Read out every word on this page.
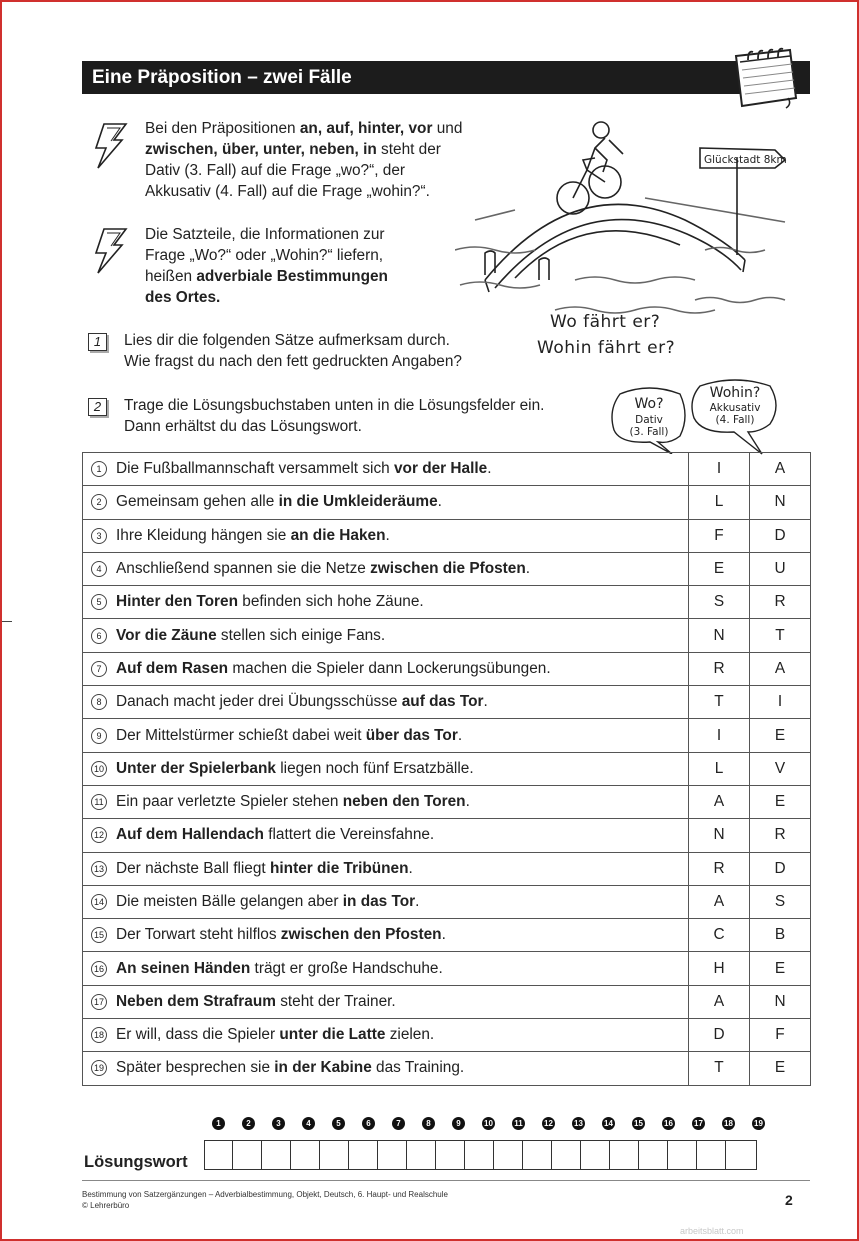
Eine Präposition – zwei Fälle
Bei den Präpositionen an, auf, hinter, vor und
zwischen, über, unter, neben, in steht der
Dativ (3. Fall) auf die Frage „wo?“, der
Akkusativ (4. Fall) auf die Frage „wohin?“.
Die Satzteile, die Informationen zur
Frage „Wo?“ oder „Wohin?“ liefern,
heißen adverbiale Bestimmungen
des Ortes.
Glückstadt 8km
Wo fährt er?
Wohin fährt er?
1	Lies dir die folgenden Sätze aufmerksam durch.
Wie fragst du nach den fett gedruckten Angaben?
2	Trage die Lösungsbuchstaben unten in die Lösungsfelder ein.
Dann erhältst du das Lösungswort.
Wo?
Dativ
(3. Fall)
Wohin?
Akkusativ
(4. Fall)
1 Die Fußballmannschaft versammelt sich vor der Halle.	I	A
2 Gemeinsam gehen alle in die Umkleideräume.	L	N
3 Ihre Kleidung hängen sie an die Haken.	F	D
4 Anschließend spannen sie die Netze zwischen die Pfosten.	E	U
5 Hinter den Toren befinden sich hohe Zäune.	S	R
6 Vor die Zäune stellen sich einige Fans.	N	T
7 Auf dem Rasen machen die Spieler dann Lockerungsübungen.	R	A
8 Danach macht jeder drei Übungsschüsse auf das Tor.	T	I
9 Der Mittelstürmer schießt dabei weit über das Tor.	I	E
10 Unter der Spielerbank liegen noch fünf Ersatzbälle.	L	V
11 Ein paar verletzte Spieler stehen neben den Toren.	A	E
12 Auf dem Hallendach flattert die Vereinsfahne.	N	R
13 Der nächste Ball fliegt hinter die Tribünen.	R	D
14 Die meisten Bälle gelangen aber in das Tor.	A	S
15 Der Torwart steht hilflos zwischen den Pfosten.	C	B
16 An seinen Händen trägt er große Handschuhe.	H	E
17 Neben dem Strafraum steht der Trainer.	A	N
18 Er will, dass die Spieler unter die Latte zielen.	D	F
19 Später besprechen sie in der Kabine das Training.	T	E
1	2	3	4	5	6	7	8	9	10	11	12	13	14	15	16	17	18	19
Lösungswort
Bestimmung von Satzergänzungen – Adverbialbestimmung, Objekt, Deutsch, 6. Haupt- und Realschule
© Lehrerbüro	2
arbeitsblatt.com
